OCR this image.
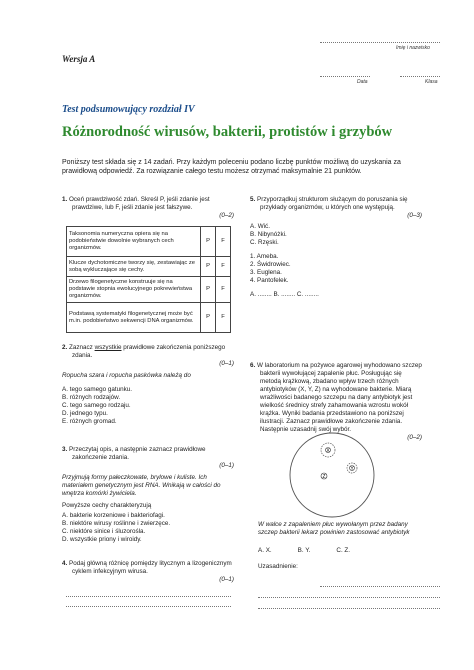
Imię i nazwisko
Data	Klasa
Wersja A
Test podsumowujący rozdział IV
Różnorodność wirusów, bakterii, protistów i grzybów
Poniższy test składa się z 14 zadań. Przy każdym poleceniu podano liczbę punktów możliwą do uzyskania za prawidłową odpowiedź. Za rozwiązanie całego testu możesz otrzymać maksymalnie 21 punktów.
1. Oceń prawdziwość zdań. Skreśl P, jeśli zdanie jest prawdziwe, lub F, jeśli zdanie jest fałszywe.
(0–2)
Taksonomia numeryczna opiera się na podobieństwie dowolnie wybranych cech organizmów.	P	F
Klucze dychotomiczne tworzy się, zestawiając ze sobą wykluczające się cechy.	P	F
Drzewo filogenetyczne konstruuje się na podstawie stopnia ewolucyjnego pokrewieństwa organizmów.	P	F
Podstawą systematyki filogenetycznej może być m.in. podobieństwo sekwencji DNA organizmów.	P	F
2. Zaznacz wszystkie prawidłowe zakończenia poniższego zdania.
(0–1)
Ropucha szara i ropucha paskówka należą do
A. tego samego gatunku.
B. różnych rodzajów.
C. tego samego rodzaju.
D. jednego typu.
E. różnych gromad.
3. Przeczytaj opis, a następnie zaznacz prawidłowe zakończenie zdania.
(0–1)
Przyjmują formy pałeczkowate, brylowe i kuliste. Ich materiałem genetycznym jest RNA. Wnikają w całości do wnętrza komórki żywiciela.
Powyższe cechy charakteryzują
A. bakterie korzeniowe i bakteriofagi.
B. niektóre wirusy roślinne i zwierzęce.
C. niektóre sinice i śluzorośla.
D. wszystkie priony i wiroidy.
4. Podaj główną różnicę pomiędzy litycznym a lizogenicznym cyklem infekcyjnym wirusa.
(0–1)
5. Przyporządkuj strukturom służącym do poruszania się przykłady organizmów, u których one występują.
(0–3)
A. Wić.
B. Nibynóżki.
C. Rzęski.
1. Ameba.
2. Świdrowiec.
3. Euglena.
4. Pantofelek.
A. ........ B. ........ C. ........
6. W laboratorium na pożywce agarowej wyhodowano szczep bakterii wywołującej zapalenie płuc. Posługując się metodą krążkową, zbadano wpływ trzech różnych antybiotyków (X, Y, Z) na wyhodowane bakterie. Miarą wrażliwości badanego szczepu na dany antybiotyk jest wielkość średnicy strefy zahamowania wzrostu wokół krążka. Wyniki badania przedstawiono na poniższej ilustracji. Zaznacz prawidłowe zakończenie zdania. Następnie uzasadnij swój wybór.
(0–2)
X
Y
Z
W walce z zapaleniem płuc wywołanym przez badany szczep bakterii lekarz powinien zastosować antybiotyk
A. X.	B. Y.	C. Z.
Uzasadnienie:
